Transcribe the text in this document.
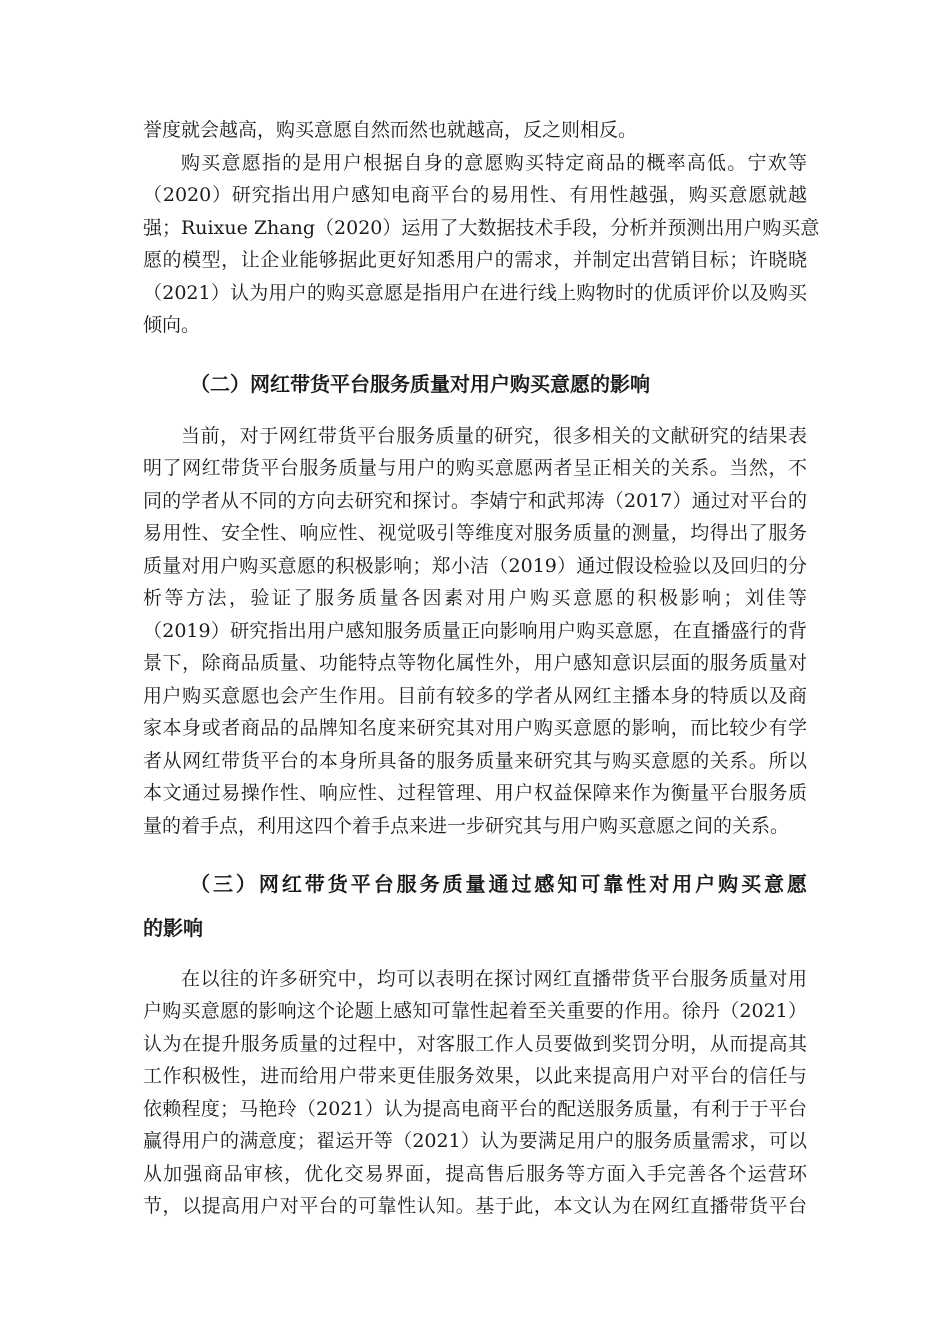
誉度就会越高，购买意愿自然而然也就越高，反之则相反。
购买意愿指的是用户根据自身的意愿购买特定商品的概率高低。宁欢等
（2020）研究指出用户感知电商平台的易用性、有用性越强，购买意愿就越
强；Ruixue Zhang（2020）运用了大数据技术手段，分析并预测出用户购买意
愿的模型，让企业能够据此更好知悉用户的需求，并制定出营销目标；许晓晓
（2021）认为用户的购买意愿是指用户在进行线上购物时的优质评价以及购买
倾向。
（二）网红带货平台服务质量对用户购买意愿的影响
当前，对于网红带货平台服务质量的研究，很多相关的文献研究的结果表
明了网红带货平台服务质量与用户的购买意愿两者呈正相关的关系。当然，不
同的学者从不同的方向去研究和探讨。李婧宁和武邦涛（2017）通过对平台的
易用性、安全性、响应性、视觉吸引等维度对服务质量的测量，均得出了服务
质量对用户购买意愿的积极影响；郑小洁（2019）通过假设检验以及回归的分
析等方法，验证了服务质量各因素对用户购买意愿的积极影响；刘佳等
（2019）研究指出用户感知服务质量正向影响用户购买意愿，在直播盛行的背
景下，除商品质量、功能特点等物化属性外，用户感知意识层面的服务质量对
用户购买意愿也会产生作用。目前有较多的学者从网红主播本身的特质以及商
家本身或者商品的品牌知名度来研究其对用户购买意愿的影响，而比较少有学
者从网红带货平台的本身所具备的服务质量来研究其与购买意愿的关系。所以
本文通过易操作性、响应性、过程管理、用户权益保障来作为衡量平台服务质
量的着手点，利用这四个着手点来进一步研究其与用户购买意愿之间的关系。
（三）网红带货平台服务质量通过感知可靠性对用户购买意愿
的影响
在以往的许多研究中，均可以表明在探讨网红直播带货平台服务质量对用
户购买意愿的影响这个论题上感知可靠性起着至关重要的作用。徐丹（2021）
认为在提升服务质量的过程中，对客服工作人员要做到奖罚分明，从而提高其
工作积极性，进而给用户带来更佳服务效果，以此来提高用户对平台的信任与
依赖程度；马艳玲（2021）认为提高电商平台的配送服务质量，有利于于平台
赢得用户的满意度；翟运开等（2021）认为要满足用户的服务质量需求，可以
从加强商品审核，优化交易界面，提高售后服务等方面入手完善各个运营环
节，以提高用户对平台的可靠性认知。基于此，本文认为在网红直播带货平台
